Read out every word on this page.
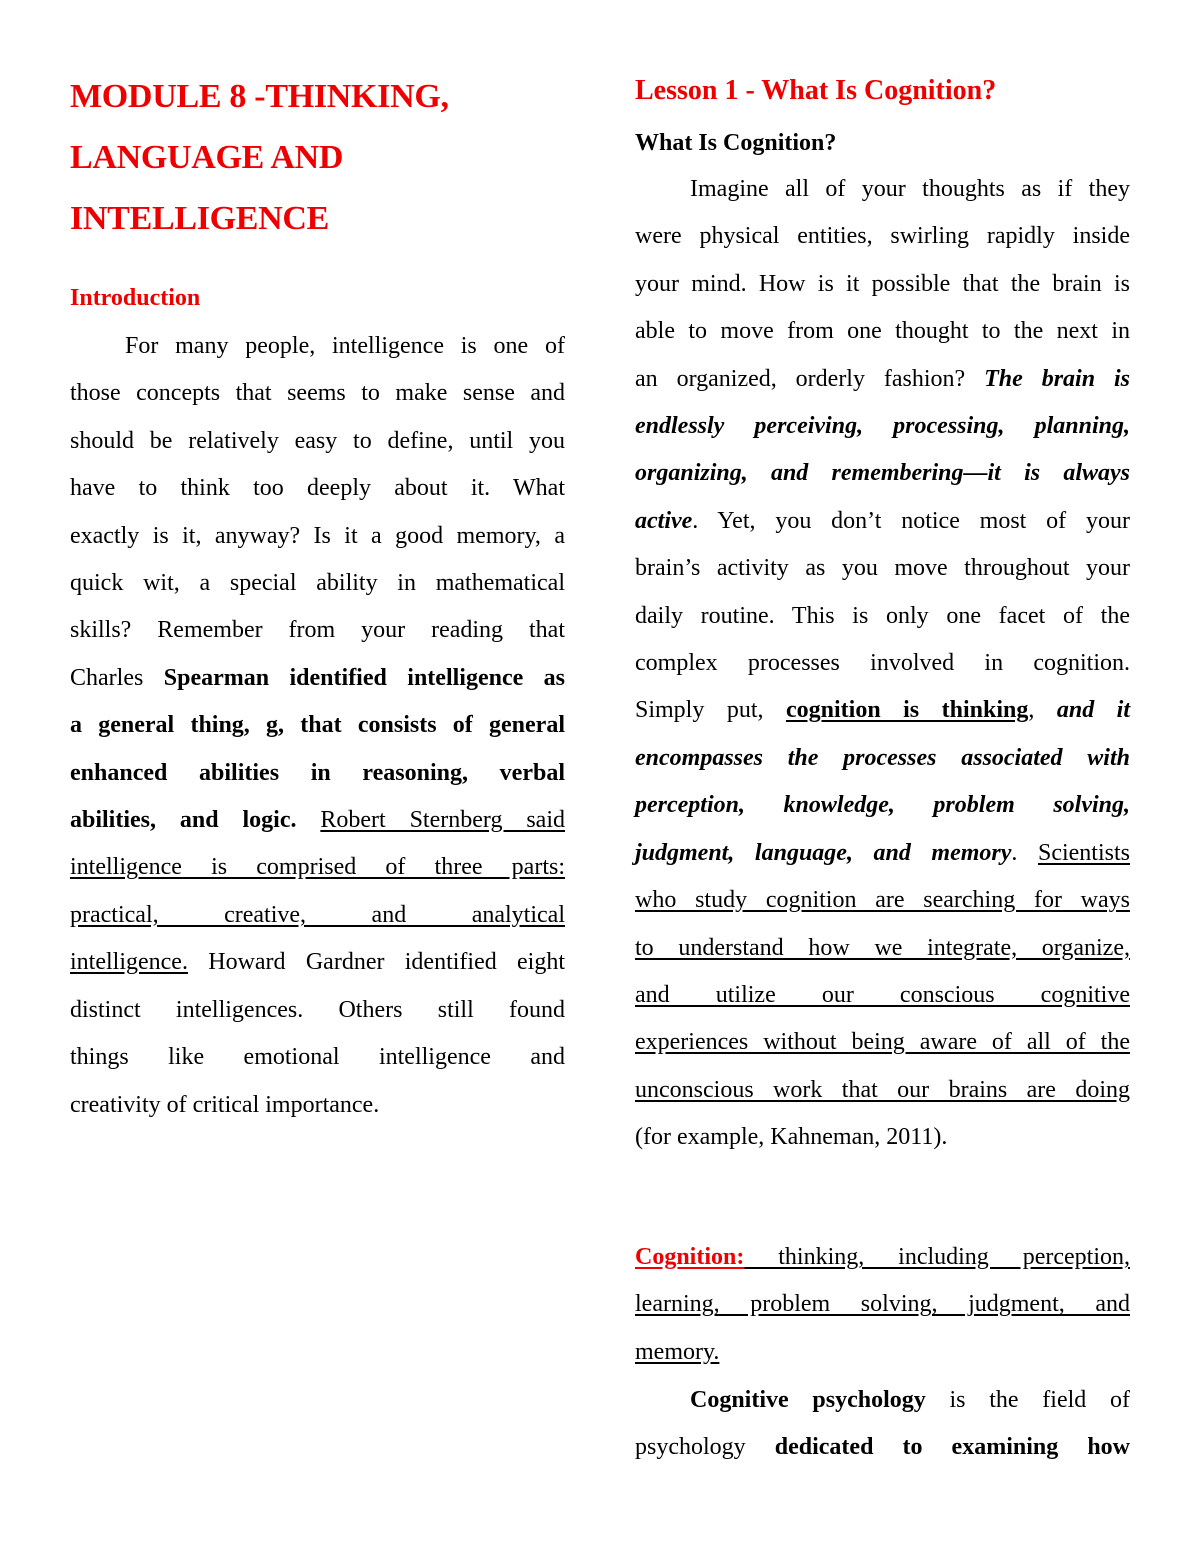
MODULE 8 -THINKING,
LANGUAGE AND
INTELLIGENCE
Introduction
For many people, intelligence is one of
those concepts that seems to make sense and
should be relatively easy to define, until you
have to think too deeply about it. What
exactly is it, anyway? Is it a good memory, a
quick wit, a special ability in mathematical
skills? Remember from your reading that
Charles Spearman identified intelligence as
a general thing, g, that consists of general
enhanced abilities in reasoning, verbal
abilities, and logic. Robert Sternberg said
intelligence is comprised of three parts:
practical, creative, and analytical
intelligence. Howard Gardner identified eight
distinct intelligences. Others still found
things like emotional intelligence and
creativity of critical importance.
Lesson 1 - What Is Cognition?
What Is Cognition?
Imagine all of your thoughts as if they
were physical entities, swirling rapidly inside
your mind. How is it possible that the brain is
able to move from one thought to the next in
an organized, orderly fashion? The brain is
endlessly perceiving, processing, planning,
organizing, and remembering—it is always
active. Yet, you don’t notice most of your
brain’s activity as you move throughout your
daily routine. This is only one facet of the
complex processes involved in cognition.
Simply put, cognition is thinking, and it
encompasses the processes associated with
perception, knowledge, problem solving,
judgment, language, and memory. Scientists
who study cognition are searching for ways
to understand how we integrate, organize,
and utilize our conscious cognitive
experiences without being aware of all of the
unconscious work that our brains are doing
(for example, Kahneman, 2011).
Cognition: thinking, including perception,
learning, problem solving, judgment, and
memory.
Cognitive psychology is the field of
psychology dedicated to examining how
